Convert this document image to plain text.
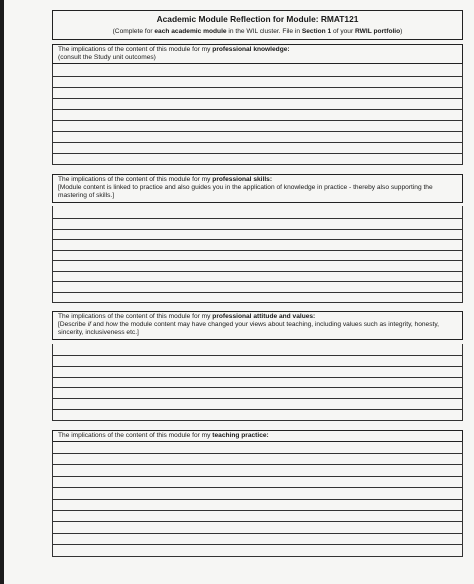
Academic Module Reflection for Module: RMAT121
(Complete for each academic module in the WIL cluster. File in Section 1 of your RWIL portfolio)
The implications of the content of this module for my professional knowledge:
(consult the Study unit outcomes)
The implications of the content of this module for my professional skills:
[Module content is linked to practice and also guides you in the application of knowledge in practice - thereby also supporting the mastering of skills.]
The implications of the content of this module for my professional attitude and values:
[Describe if and how the module content may have changed your views about teaching, including values such as integrity, honesty, sincerity, inclusiveness etc.]
The implications of the content of this module for my teaching practice:
